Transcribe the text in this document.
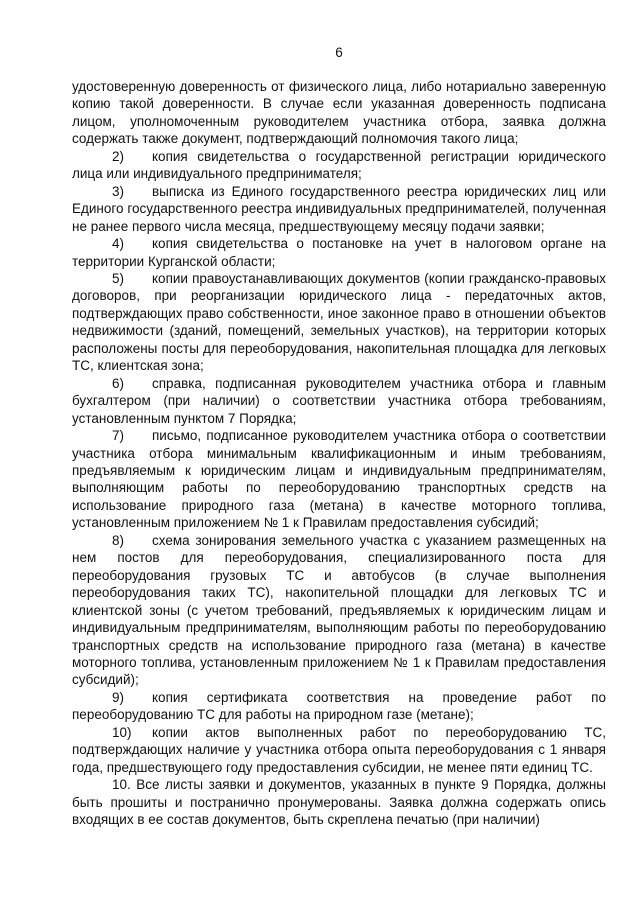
6

удостоверенную доверенность от физического лица, либо нотариально заверенную копию такой доверенности. В случае если указанная доверенность подписана лицом, уполномоченным руководителем участника отбора, заявка должна содержать также документ, подтверждающий полномочия такого лица;

2) копия свидетельства о государственной регистрации юридического лица или индивидуального предпринимателя;

3) выписка из Единого государственного реестра юридических лиц или Единого государственного реестра индивидуальных предпринимателей, полученная не ранее первого числа месяца, предшествующему месяцу подачи заявки;

4) копия свидетельства о постановке на учет в налоговом органе на территории Курганской области;

5) копии правоустанавливающих документов (копии гражданско-правовых договоров, при реорганизации юридического лица - передаточных актов, подтверждающих право собственности, иное законное право в отношении объектов недвижимости (зданий, помещений, земельных участков), на территории которых расположены посты для переоборудования, накопительная площадка для легковых ТС, клиентская зона;

6) справка, подписанная руководителем участника отбора и главным бухгалтером (при наличии) о соответствии участника отбора требованиям, установленным пунктом 7 Порядка;

7) письмо, подписанное руководителем участника отбора о соответствии участника отбора минимальным квалификационным и иным требованиям, предъявляемым к юридическим лицам и индивидуальным предпринимателям, выполняющим работы по переоборудованию транспортных средств на использование природного газа (метана) в качестве моторного топлива, установленным приложением № 1 к Правилам предоставления субсидий;

8) схема зонирования земельного участка с указанием размещенных на нем постов для переоборудования, специализированного поста для переоборудования грузовых ТС и автобусов (в случае выполнения переоборудования таких ТС), накопительной площадки для легковых ТС и клиентской зоны (с учетом требований, предъявляемых к юридическим лицам и индивидуальным предпринимателям, выполняющим работы по переоборудованию транспортных средств на использование природного газа (метана) в качестве моторного топлива, установленным приложением № 1 к Правилам предоставления субсидий);

9) копия сертификата соответствия на проведение работ по переоборудованию ТС для работы на природном газе (метане);

10) копии актов выполненных работ по переоборудованию ТС, подтверждающих наличие у участника отбора опыта переоборудования с 1 января года, предшествующего году предоставления субсидии, не менее пяти единиц ТС.

10. Все листы заявки и документов, указанных в пункте 9 Порядка, должны быть прошиты и постранично пронумерованы. Заявка должна содержать опись входящих в ее состав документов, быть скреплена печатью (при наличии)
